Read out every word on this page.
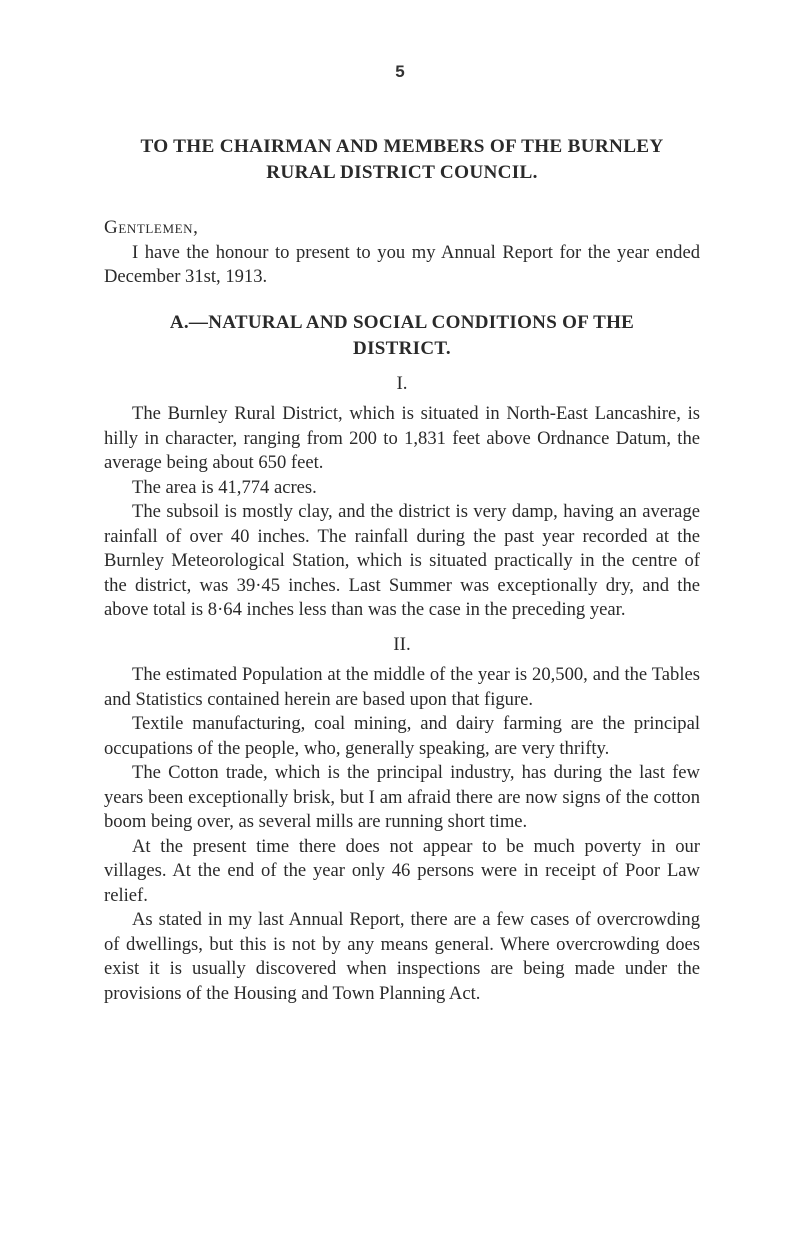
5
TO THE CHAIRMAN AND MEMBERS OF THE BURNLEY
RURAL DISTRICT COUNCIL.
Gentlemen,

I have the honour to present to you my Annual Report for the year ended December 31st, 1913.

A.—NATURAL AND SOCIAL CONDITIONS OF THE
DISTRICT.
I.

The Burnley Rural District, which is situated in North-East Lancashire, is hilly in character, ranging from 200 to 1,831 feet above Ordnance Datum, the average being about 650 feet.

The area is 41,774 acres.

The subsoil is mostly clay, and the district is very damp, having an average rainfall of over 40 inches. The rainfall during the past year recorded at the Burnley Meteorological Station, which is situated practically in the centre of the district, was 39·45 inches. Last Summer was exceptionally dry, and the above total is 8·64 inches less than was the case in the preceding year.

II.

The estimated Population at the middle of the year is 20,500, and the Tables and Statistics contained herein are based upon that figure.

Textile manufacturing, coal mining, and dairy farming are the principal occupations of the people, who, generally speaking, are very thrifty.

The Cotton trade, which is the principal industry, has during the last few years been exceptionally brisk, but I am afraid there are now signs of the cotton boom being over, as several mills are running short time.

At the present time there does not appear to be much poverty in our villages. At the end of the year only 46 persons were in receipt of Poor Law relief.

As stated in my last Annual Report, there are a few cases of overcrowding of dwellings, but this is not by any means general. Where overcrowding does exist it is usually discovered when inspections are being made under the provisions of the Housing and Town Planning Act.
